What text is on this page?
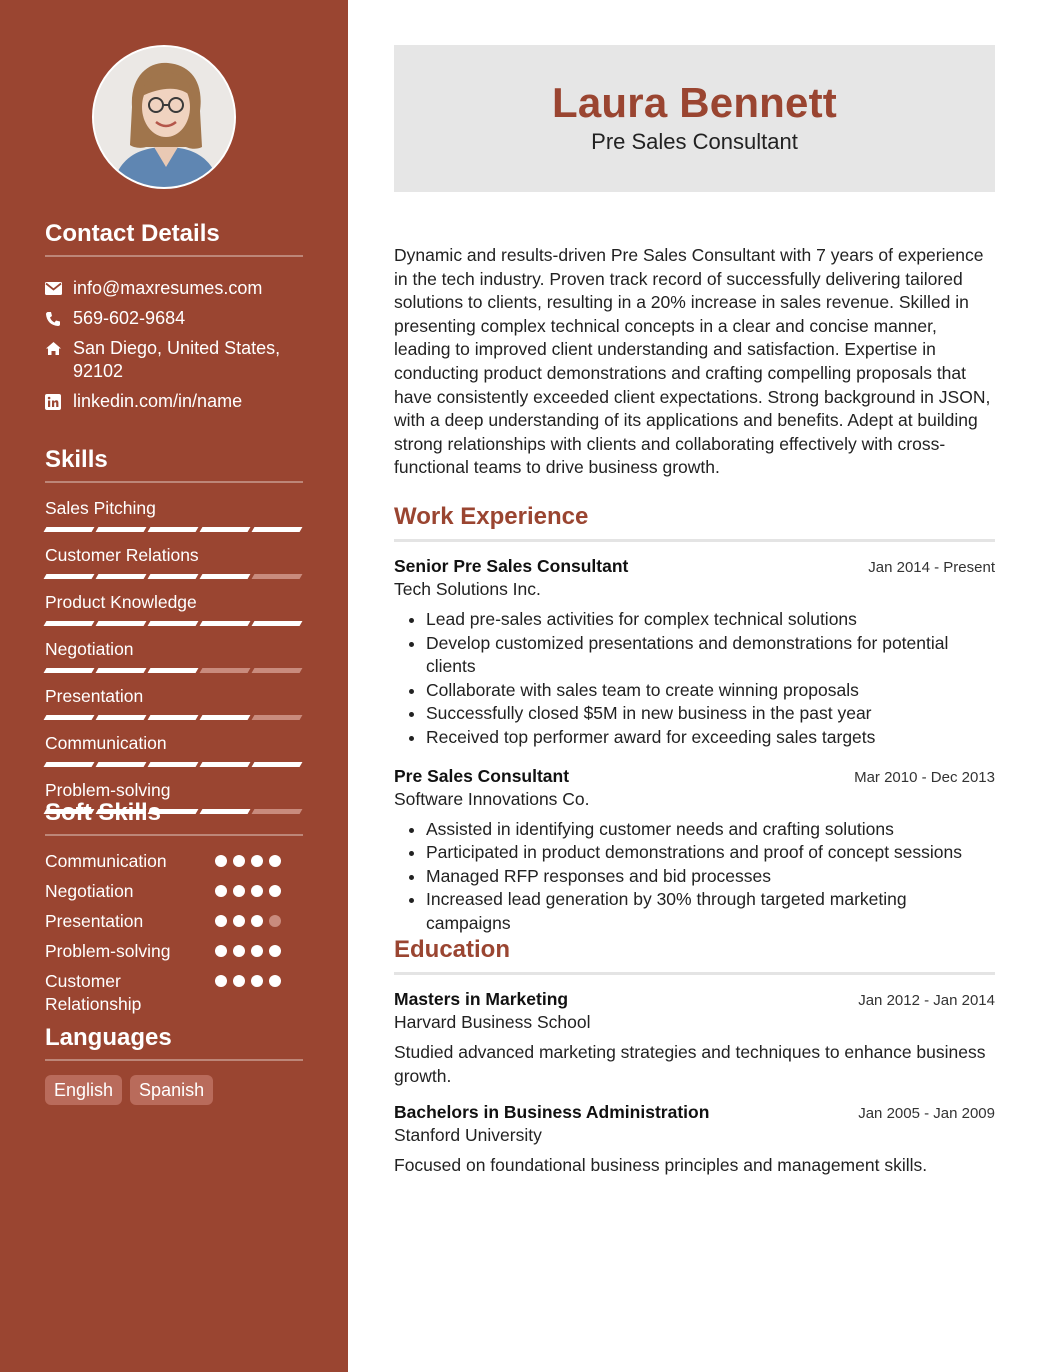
Contact Details
info@maxresumes.com
569-602-9684
San Diego, United States, 92102
linkedin.com/in/name
Skills
Sales Pitching
Customer Relations
Product Knowledge
Negotiation
Presentation
Communication
Problem-solving
Soft Skills
Communication
Negotiation
Presentation
Problem-solving
Customer Relationship
Languages
English	Spanish
Laura Bennett
Pre Sales Consultant

Dynamic and results-driven Pre Sales Consultant with 7 years of experience in the tech industry. Proven track record of successfully delivering tailored solutions to clients, resulting in a 20% increase in sales revenue. Skilled in presenting complex technical concepts in a clear and concise manner, leading to improved client understanding and satisfaction. Expertise in conducting product demonstrations and crafting compelling proposals that have consistently exceeded client expectations. Strong background in JSON, with a deep understanding of its applications and benefits. Adept at building strong relationships with clients and collaborating effectively with cross-functional teams to drive business growth.

Work Experience
Senior Pre Sales Consultant	Jan 2014 - Present
Tech Solutions Inc.
• Lead pre-sales activities for complex technical solutions
• Develop customized presentations and demonstrations for potential clients
• Collaborate with sales team to create winning proposals
• Successfully closed $5M in new business in the past year
• Received top performer award for exceeding sales targets
Pre Sales Consultant	Mar 2010 - Dec 2013
Software Innovations Co.
• Assisted in identifying customer needs and crafting solutions
• Participated in product demonstrations and proof of concept sessions
• Managed RFP responses and bid processes
• Increased lead generation by 30% through targeted marketing campaigns
Education
Masters in Marketing	Jan 2012 - Jan 2014
Harvard Business School

Studied advanced marketing strategies and techniques to enhance business growth.

Bachelors in Business Administration	Jan 2005 - Jan 2009
Stanford University

Focused on foundational business principles and management skills.
